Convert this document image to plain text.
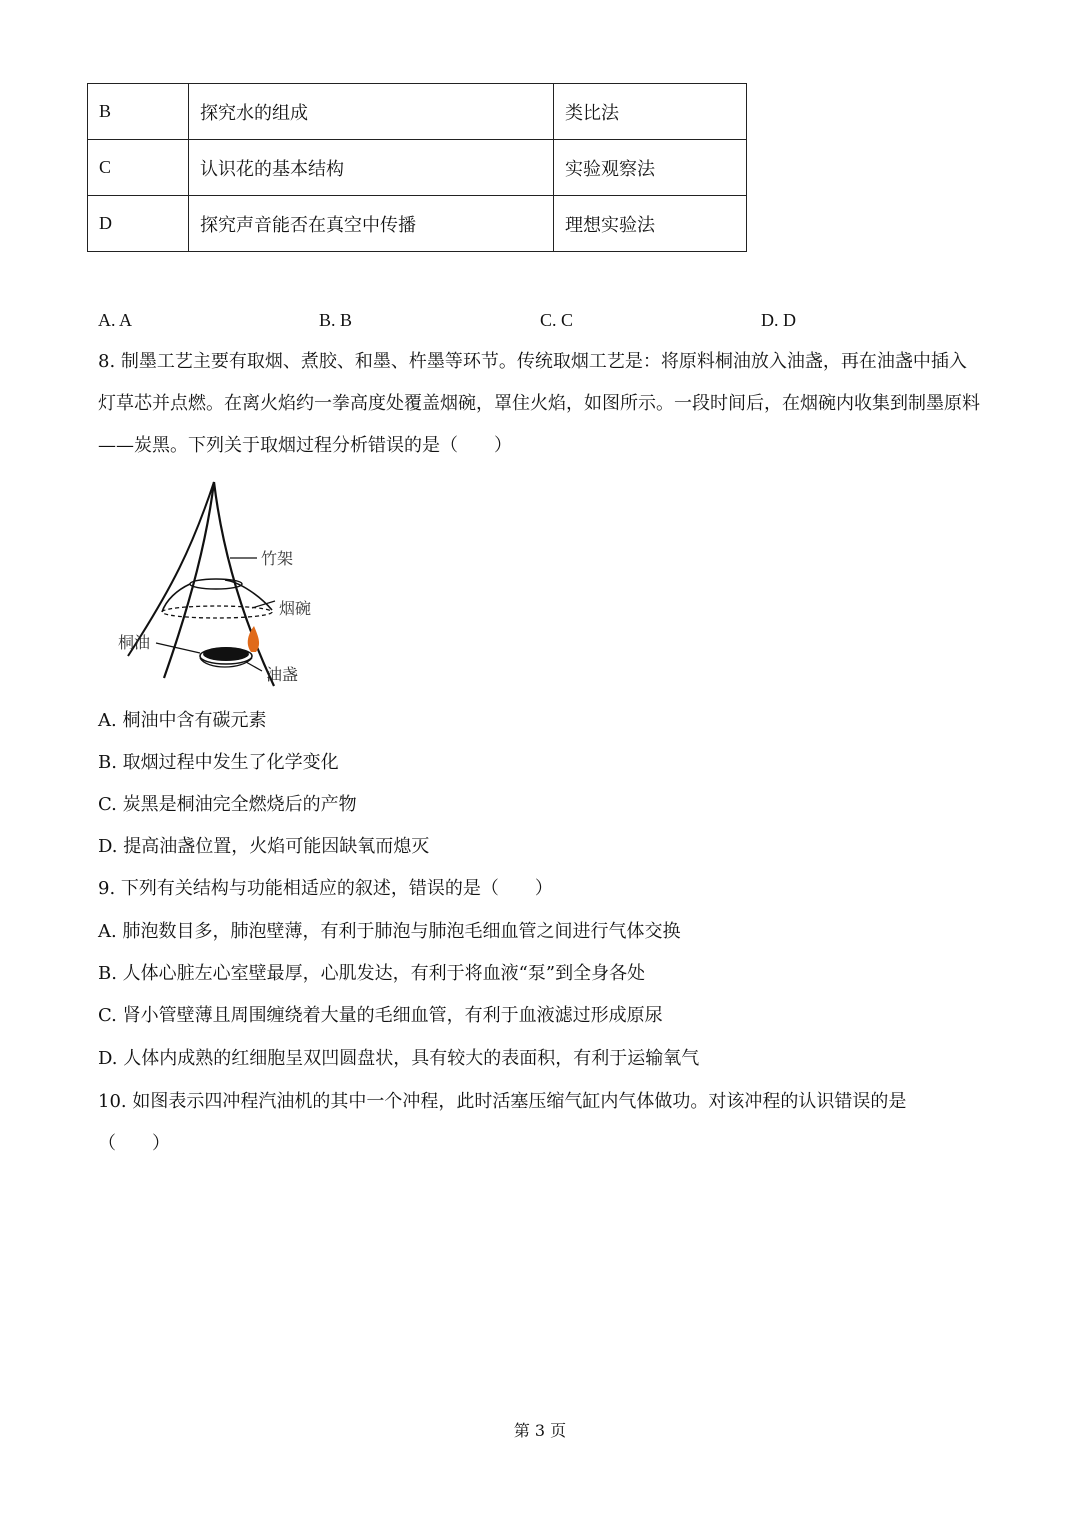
B	探究水的组成	类比法
C	认识花的基本结构	实验观察法
D	探究声音能否在真空中传播	理想实验法
A. A	B. B	C. C	D. D
8. 制墨工艺主要有取烟、煮胶、和墨、杵墨等环节。传统取烟工艺是：将原料桐油放入油盏，再在油盏中插入灯草芯并点燃。在离火焰约一拳高度处覆盖烟碗，罩住火焰，如图所示。一段时间后，在烟碗内收集到制墨原料——炭黑。下列关于取烟过程分析错误的是（　　）
竹架
烟碗
桐油
油盏
A. 桐油中含有碳元素
B. 取烟过程中发生了化学变化
C. 炭黑是桐油完全燃烧后的产物
D. 提高油盏位置，火焰可能因缺氧而熄灭
9. 下列有关结构与功能相适应的叙述，错误的是（　　）
A. 肺泡数目多，肺泡壁薄，有利于肺泡与肺泡毛细血管之间进行气体交换
B. 人体心脏左心室壁最厚，心肌发达，有利于将血液“泵”到全身各处
C. 肾小管壁薄且周围缠绕着大量的毛细血管，有利于血液滤过形成原尿
D. 人体内成熟的红细胞呈双凹圆盘状，具有较大的表面积，有利于运输氧气
10. 如图表示四冲程汽油机的其中一个冲程，此时活塞压缩气缸内气体做功。对该冲程的认识错误的是
（　　）
第 3 页
